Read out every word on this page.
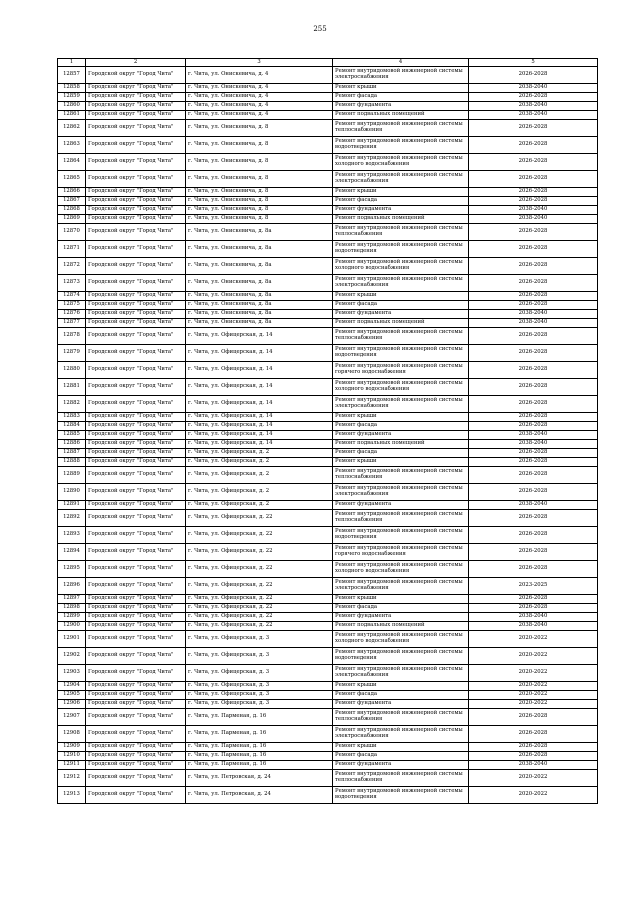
255
1	2	3	4	5
12857	Городской округ "Город Чита"	г. Чита, ул. Онискевича, д. 4	Ремонт внутридомовой инженерной системы электроснабжения	2026-2028
12858	Городской округ "Город Чита"	г. Чита, ул. Онискевича, д. 4	Ремонт крыши	2038-2040
12859	Городской округ "Город Чита"	г. Чита, ул. Онискевича, д. 4	Ремонт фасада	2026-2028
12860	Городской округ "Город Чита"	г. Чита, ул. Онискевича, д. 4	Ремонт фундамента	2038-2040
12861	Городской округ "Город Чита"	г. Чита, ул. Онискевича, д. 4	Ремонт подвальных помещений	2038-2040
12862	Городской округ "Город Чита"	г. Чита, ул. Онискевича, д. 8	Ремонт внутридомовой инженерной системы теплоснабжения	2026-2028
12863	Городской округ "Город Чита"	г. Чита, ул. Онискевича, д. 8	Ремонт внутридомовой инженерной системы водоотведения	2026-2028
12864	Городской округ "Город Чита"	г. Чита, ул. Онискевича, д. 8	Ремонт внутридомовой инженерной системы холодного водоснабжения	2026-2028
12865	Городской округ "Город Чита"	г. Чита, ул. Онискевича, д. 8	Ремонт внутридомовой инженерной системы электроснабжения	2026-2028
12866	Городской округ "Город Чита"	г. Чита, ул. Онискевича, д. 8	Ремонт крыши	2026-2028
12867	Городской округ "Город Чита"	г. Чита, ул. Онискевича, д. 8	Ремонт фасада	2026-2028
12868	Городской округ "Город Чита"	г. Чита, ул. Онискевича, д. 8	Ремонт фундамента	2038-2040
12869	Городской округ "Город Чита"	г. Чита, ул. Онискевича, д. 8	Ремонт подвальных помещений	2038-2040
12870	Городской округ "Город Чита"	г. Чита, ул. Онискевича, д. 8а	Ремонт внутридомовой инженерной системы теплоснабжения	2026-2028
12871	Городской округ "Город Чита"	г. Чита, ул. Онискевича, д. 8а	Ремонт внутридомовой инженерной системы водоотведения	2026-2028
12872	Городской округ "Город Чита"	г. Чита, ул. Онискевича, д. 8а	Ремонт внутридомовой инженерной системы холодного водоснабжения	2026-2028
12873	Городской округ "Город Чита"	г. Чита, ул. Онискевича, д. 8а	Ремонт внутридомовой инженерной системы электроснабжения	2026-2028
12874	Городской округ "Город Чита"	г. Чита, ул. Онискевича, д. 8а	Ремонт крыши	2026-2028
12875	Городской округ "Город Чита"	г. Чита, ул. Онискевича, д. 8а	Ремонт фасада	2026-2028
12876	Городской округ "Город Чита"	г. Чита, ул. Онискевича, д. 8а	Ремонт фундамента	2038-2040
12877	Городской округ "Город Чита"	г. Чита, ул. Онискевича, д. 8а	Ремонт подвальных помещений	2038-2040
12878	Городской округ "Город Чита"	г. Чита, ул. Офицерская, д. 14	Ремонт внутридомовой инженерной системы теплоснабжения	2026-2028
12879	Городской округ "Город Чита"	г. Чита, ул. Офицерская, д. 14	Ремонт внутридомовой инженерной системы водоотведения	2026-2028
12880	Городской округ "Город Чита"	г. Чита, ул. Офицерская, д. 14	Ремонт внутридомовой инженерной системы горячего водоснабжения	2026-2028
12881	Городской округ "Город Чита"	г. Чита, ул. Офицерская, д. 14	Ремонт внутридомовой инженерной системы холодного водоснабжения	2026-2028
12882	Городской округ "Город Чита"	г. Чита, ул. Офицерская, д. 14	Ремонт внутридомовой инженерной системы электроснабжения	2026-2028
12883	Городской округ "Город Чита"	г. Чита, ул. Офицерская, д. 14	Ремонт крыши	2026-2028
12884	Городской округ "Город Чита"	г. Чита, ул. Офицерская, д. 14	Ремонт фасада	2026-2028
12885	Городской округ "Город Чита"	г. Чита, ул. Офицерская, д. 14	Ремонт фундамента	2038-2040
12886	Городской округ "Город Чита"	г. Чита, ул. Офицерская, д. 14	Ремонт подвальных помещений	2038-2040
12887	Городской округ "Город Чита"	г. Чита, ул. Офицерская, д. 2	Ремонт фасада	2026-2028
12888	Городской округ "Город Чита"	г. Чита, ул. Офицерская, д. 2	Ремонт крыши	2026-2028
12889	Городской округ "Город Чита"	г. Чита, ул. Офицерская, д. 2	Ремонт внутридомовой инженерной системы теплоснабжения	2026-2028
12890	Городской округ "Город Чита"	г. Чита, ул. Офицерская, д. 2	Ремонт внутридомовой инженерной системы электроснабжения	2026-2028
12891	Городской округ "Город Чита"	г. Чита, ул. Офицерская, д. 2	Ремонт фундамента	2038-2040
12892	Городской округ "Город Чита"	г. Чита, ул. Офицерская, д. 22	Ремонт внутридомовой инженерной системы теплоснабжения	2026-2028
12893	Городской округ "Город Чита"	г. Чита, ул. Офицерская, д. 22	Ремонт внутридомовой инженерной системы водоотведения	2026-2028
12894	Городской округ "Город Чита"	г. Чита, ул. Офицерская, д. 22	Ремонт внутридомовой инженерной системы горячего водоснабжения	2026-2028
12895	Городской округ "Город Чита"	г. Чита, ул. Офицерская, д. 22	Ремонт внутридомовой инженерной системы холодного водоснабжения	2026-2028
12896	Городской округ "Город Чита"	г. Чита, ул. Офицерская, д. 22	Ремонт внутридомовой инженерной системы электроснабжения	2023-2025
12897	Городской округ "Город Чита"	г. Чита, ул. Офицерская, д. 22	Ремонт крыши	2026-2028
12898	Городской округ "Город Чита"	г. Чита, ул. Офицерская, д. 22	Ремонт фасада	2026-2028
12899	Городской округ "Город Чита"	г. Чита, ул. Офицерская, д. 22	Ремонт фундамента	2038-2040
12900	Городской округ "Город Чита"	г. Чита, ул. Офицерская, д. 22	Ремонт подвальных помещений	2038-2040
12901	Городской округ "Город Чита"	г. Чита, ул. Офицерская, д. 3	Ремонт внутридомовой инженерной системы холодного водоснабжения	2020-2022
12902	Городской округ "Город Чита"	г. Чита, ул. Офицерская, д. 3	Ремонт внутридомовой инженерной системы водоотведения	2020-2022
12903	Городской округ "Город Чита"	г. Чита, ул. Офицерская, д. 3	Ремонт внутридомовой инженерной системы электроснабжения	2020-2022
12904	Городской округ "Город Чита"	г. Чита, ул. Офицерская, д. 3	Ремонт крыши	2020-2022
12905	Городской округ "Город Чита"	г. Чита, ул. Офицерская, д. 3	Ремонт фасада	2020-2022
12906	Городской округ "Город Чита"	г. Чита, ул. Офицерская, д. 3	Ремонт фундамента	2020-2022
12907	Городской округ "Город Чита"	г. Чита, ул. Парменая, д. 16	Ремонт внутридомовой инженерной системы теплоснабжения	2026-2028
12908	Городской округ "Город Чита"	г. Чита, ул. Парменая, д. 16	Ремонт внутридомовой инженерной системы электроснабжения	2026-2028
12909	Городской округ "Город Чита"	г. Чита, ул. Парменая, д. 16	Ремонт крыши	2026-2028
12910	Городской округ "Город Чита"	г. Чита, ул. Парменая, д. 16	Ремонт фасада	2026-2028
12911	Городской округ "Город Чита"	г. Чита, ул. Парменая, д. 16	Ремонт фундамента	2038-2040
12912	Городской округ "Город Чита"	г. Чита, ул. Петровская, д. 24	Ремонт внутридомовой инженерной системы теплоснабжения	2020-2022
12913	Городской округ "Город Чита"	г. Чита, ул. Петровская, д. 24	Ремонт внутридомовой инженерной системы водоотведения	2020-2022
